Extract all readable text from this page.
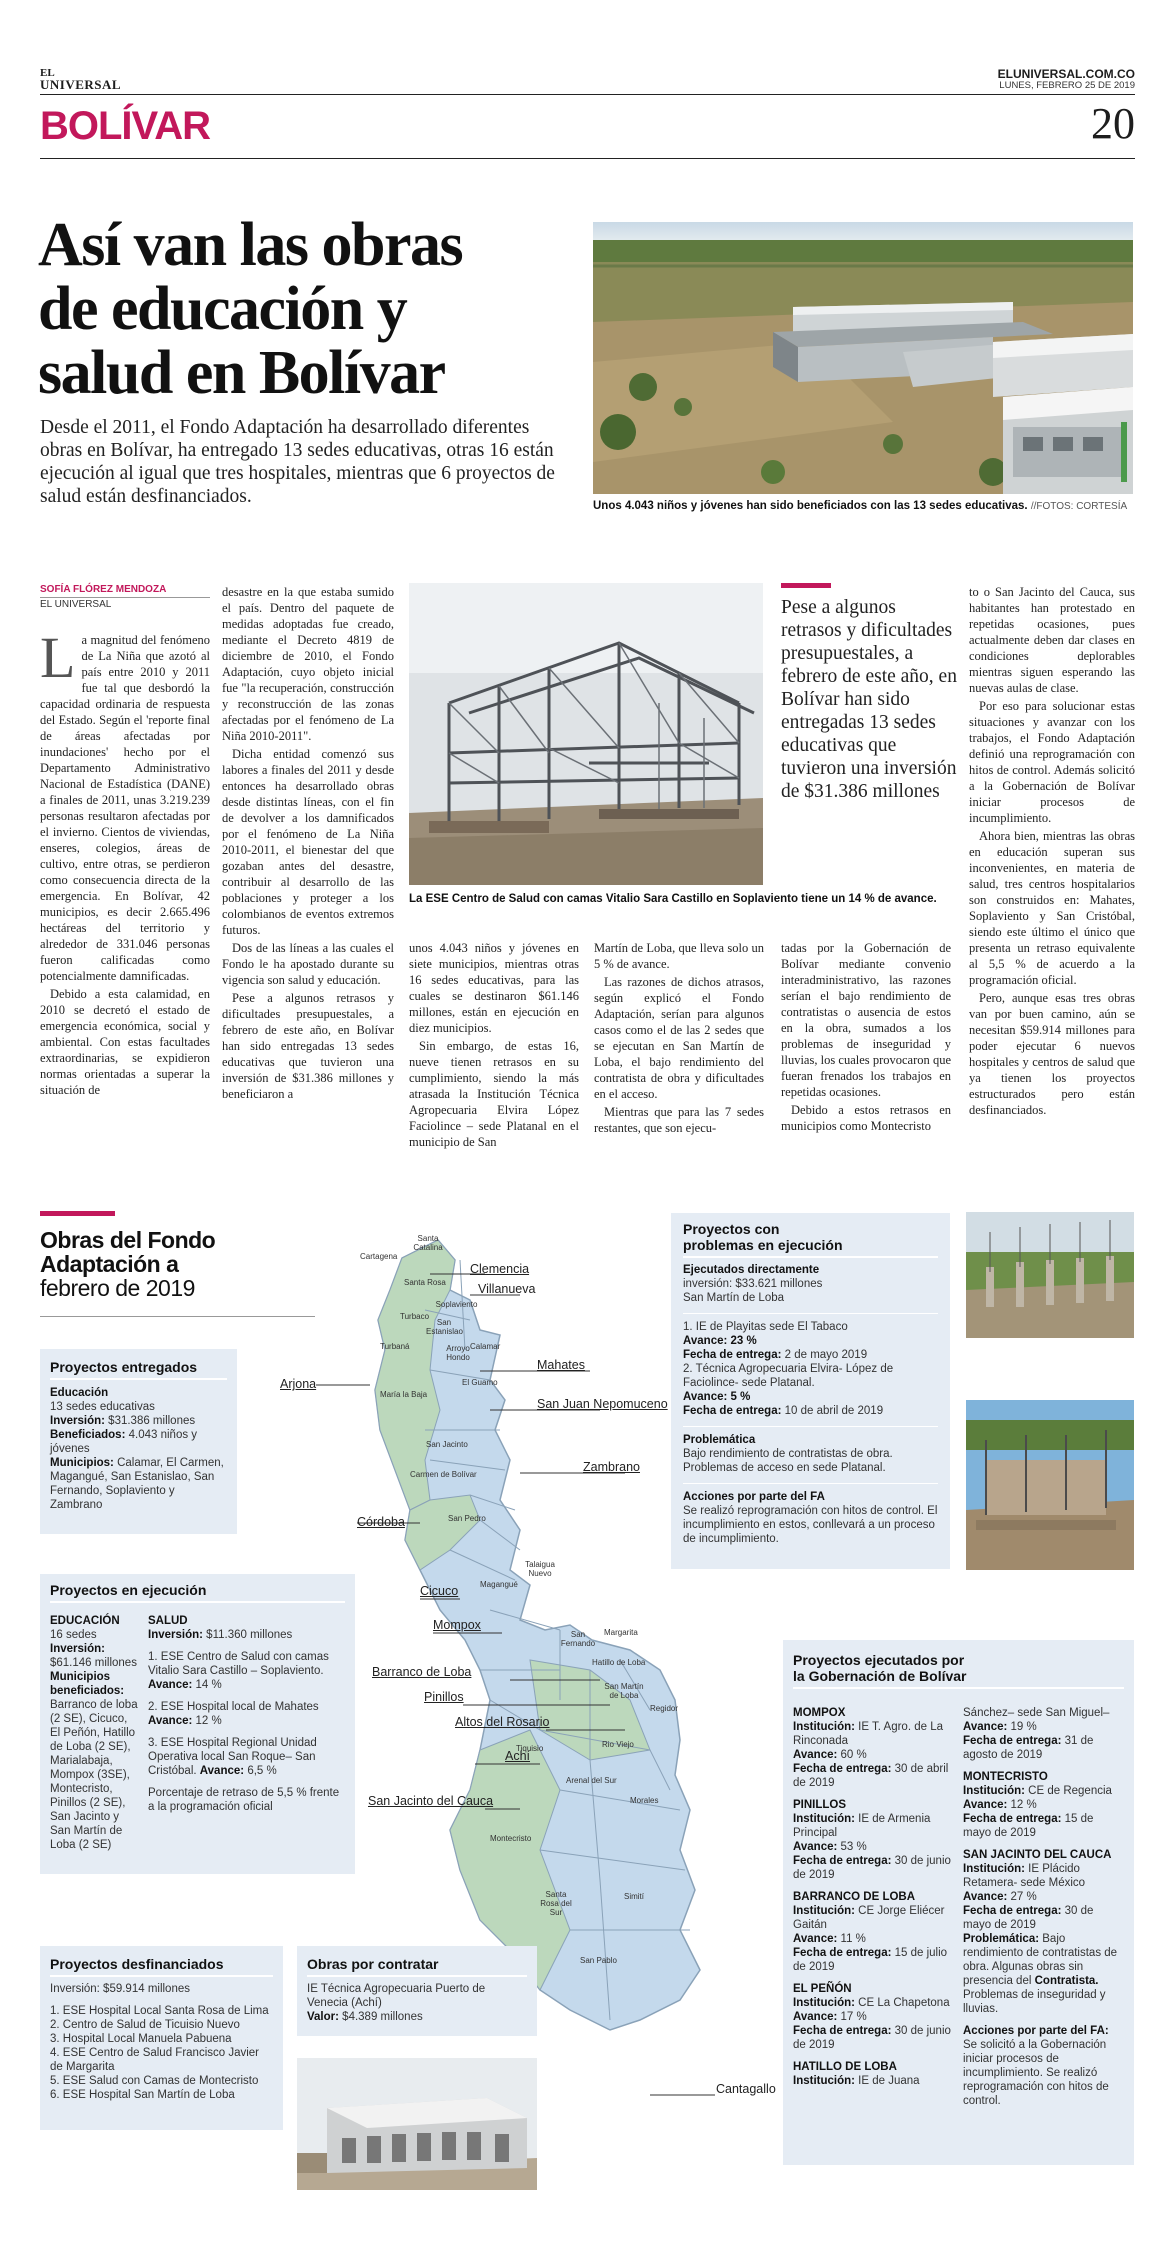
EL
UNIVERSAL
ELUNIVERSAL.COM.CO
LUNES, FEBRERO 25 DE 2019
BOLÍVAR	20
Así van las obras
de educación y
salud en Bolívar
Desde el 2011, el Fondo Adaptación ha desarrollado diferentes obras en Bolívar, ha entregado 13 sedes educativas, otras 16 están ejecución al igual que tres hospitales, mientras que 6 proyectos de salud están desfinanciados.	Unos 4.043 niños y jóvenes han sido beneficiados con las 13 sedes educativas. //FOTOS: CORTESÍA
SOFÍA FLÓREZ MENDOZA
EL UNIVERSAL

La magnitud del fenómeno de La Niña que azotó al país entre 2010 y 2011 fue tal que desbordó la capacidad ordinaria de respuesta del Estado. Según el 'reporte final de áreas afectadas por inundaciones' hecho por el Departamento Administrativo Nacional de Estadística (DANE) a finales de 2011, unas 3.219.239 personas resultaron afectadas por el invierno. Cientos de viviendas, enseres, colegios, áreas de cultivo, entre otras, se perdieron como consecuencia directa de la emergencia. En Bolívar, 42 municipios, es decir 2.665.496 hectáreas del territorio y alrededor de 331.046 personas fueron calificadas como potencialmente damnificadas.

Debido a esta calamidad, en 2010 se decretó el estado de emergencia económica, social y ambiental. Con estas facultades extraordinarias, se expidieron normas orientadas a superar la situación de

desastre en la que estaba sumido el país. Dentro del paquete de medidas adoptadas fue creado, mediante el Decreto 4819 de diciembre de 2010, el Fondo Adaptación, cuyo objeto inicial fue "la recuperación, construcción y reconstrucción de las zonas afectadas por el fenómeno de La Niña 2010-2011".

Dicha entidad comenzó sus labores a finales del 2011 y desde entonces ha desarrollado obras desde distintas líneas, con el fin de devolver a los damnificados por el fenómeno de La Niña 2010-2011, el bienestar del que gozaban antes del desastre, contribuir al desarrollo de las poblaciones y proteger a los colombianos de eventos extremos futuros.

Dos de las líneas a las cuales el Fondo le ha apostado durante su vigencia son salud y educación.

Pese a algunos retrasos y dificultades presupuestales, a febrero de este año, en Bolívar han sido entregadas 13 sedes educativas que tuvieron una inversión de $31.386 millones y beneficiaron a

La ESE Centro de Salud con camas Vitalio Sara Castillo en Soplaviento tiene un 14 % de avance.
Pese a algunos retrasos y dificultades presupuestales, a febrero de este año, en Bolívar han sido entregadas 13 sedes educativas que tuvieron una inversión de $31.386 millones

to o San Jacinto del Cauca, sus habitantes han protestado en repetidas ocasiones, pues actualmente deben dar clases en condiciones deplorables mientras siguen esperando las nuevas aulas de clase.

Por eso para solucionar estas situaciones y avanzar con los trabajos, el Fondo Adaptación definió una reprogramación con hitos de control. Además solicitó a la Gobernación de Bolívar iniciar procesos de incumplimiento.

Ahora bien, mientras las obras en educación superan sus inconvenientes, en materia de salud, tres centros hospitalarios son construidos en: Mahates, Soplaviento y San Cristóbal, siendo este último el único que presenta un retraso equivalente al 5,5 % de acuerdo a la programación oficial.

Pero, aunque esas tres obras van por buen camino, aún se necesitan $59.914 millones para poder ejecutar 6 nuevos hospitales y centros de salud que ya tienen los proyectos estructurados pero están desfinanciados.

unos 4.043 niños y jóvenes en siete municipios, mientras otras 16 sedes educativas, para las cuales se destinaron $61.146 millones, están en ejecución en diez municipios.

Sin embargo, de estas 16, nueve tienen retrasos en su cumplimiento, siendo la más atrasada la Institución Técnica Agropecuaria Elvira López Faciolince – sede Platanal en el municipio de San

Martín de Loba, que lleva solo un 5 % de avance.

Las razones de dichos atrasos, según explicó el Fondo Adaptación, serían para algunos casos como el de las 2 sedes que se ejecutan en San Martín de Loba, el bajo rendimiento del contratista de obra y dificultades en el acceso.

Mientras que para las 7 sedes restantes, que son ejecu-

tadas por la Gobernación de Bolívar mediante convenio interadministrativo, las razones serían el bajo rendimiento de contratistas o ausencia de estos en la obra, sumados a los problemas de inseguridad y lluvias, los cuales provocaron que fueran frenados los trabajos en repetidas ocasiones.

Debido a estos retrasos en municipios como Montecristo

Obras del Fondo
Adaptación a
febrero de 2019
Cartagena
Santa Catalina
Santa Rosa
Turbaco
San Estanislao
Soplaviento
Turbaná	Arroyo Hondo
Calamar
María la Baja
El Guamo
San Jacinto
Carmen de Bolívar
San Pedro
Magangué
Talaigua Nuevo
San Fernando
Margarita
Hatillo de Loba
San Martín de Loba
Regidor
Tiquisio	Rio Viejo
Arenal del Sur
Morales
Montecristo
Santa Rosa del Sur
Simití
San Pablo
Arjona
Córdoba
Cicuco
Mompox
Barranco de Loba
Pinillos
Altos del Rosario
Achí
San Jacinto del Cauca
Clemencia
Villanueva
Mahates
San Juan Nepomuceno
Zambrano
Cantagallo
Proyectos entregados
Educación
13 sedes educativas
Inversión: $31.386 millones
Beneficiados: 4.043 niños y jóvenes
Municipios: Calamar, El Carmen, Magangué, San Estanislao, San Fernando, Soplaviento y Zambrano
Proyectos en ejecución
EDUCACIÓN
16 sedes
Inversión: $61.146 millones
Municipios beneficiados: Barranco de loba (2 SE), Cicuco, El Peñón, Hatillo de Loba (2 SE), Marialabaja, Mompox (3SE), Montecristo, Pinillos (2 SE), San Jacinto y San Martín de Loba (2 SE)
SALUD
Inversión: $11.360 millones
1. ESE Centro de Salud con camas Vitalio Sara Castillo – Soplaviento. Avance: 14 %
2. ESE Hospital local de Mahates Avance: 12 %
3. ESE Hospital Regional Unidad Operativa local San Roque– San Cristóbal. Avance: 6,5 %
Porcentaje de retraso de 5,5 % frente a la programación oficial
Proyectos desfinanciados
Inversión: $59.914 millones
1. ESE Hospital Local Santa Rosa de Lima
2. Centro de Salud de Ticuisio Nuevo
3. Hospital Local Manuela Pabuena
4. ESE Centro de Salud Francisco Javier de Margarita
5. ESE Salud con Camas de Montecristo
6. ESE Hospital San Martín de Loba
Obras por contratar
IE Técnica Agropecuaria Puerto de Venecia (Achí)
Valor: $4.389 millones
Proyectos con
problemas en ejecución
Ejecutados directamente
inversión: $33.621 millones
San Martín de Loba
1. IE de Playitas sede El Tabaco
Avance: 23 %
Fecha de entrega: 2 de mayo 2019
2. Técnica Agropecuaria Elvira- López de Faciolince- sede Platanal.
Avance: 5 %
Fecha de entrega: 10 de abril de 2019
Problemática
Bajo rendimiento de contratistas de obra. Problemas de acceso en sede Platanal.
Acciones por parte del FA
Se realizó reprogramación con hitos de control. El incumplimiento en estos, conllevará a un proceso de incumplimiento.
Proyectos ejecutados por
la Gobernación de Bolívar
MOMPOX
Institución: IE T. Agro. de La Rinconada
Avance: 60 %
Fecha de entrega: 30 de abril de 2019
PINILLOS
Institución: IE de Armenia Principal
Avance: 53 %
Fecha de entrega: 30 de junio de 2019
BARRANCO DE LOBA
Institución: CE Jorge Eliécer Gaitán
Avance: 11 %
Fecha de entrega: 15 de julio de 2019
EL PEÑÓN
Institución: CE La Chapetona
Avance: 17 %
Fecha de entrega: 30 de junio de 2019
HATILLO DE LOBA
Institución: IE de Juana
Sánchez– sede San Miguel–
Avance: 19 %
Fecha de entrega: 31 de agosto de 2019
MONTECRISTO
Institución: CE de Regencia
Avance: 12 %
Fecha de entrega: 15 de mayo de 2019
SAN JACINTO DEL CAUCA
Institución: IE Plácido Retamera- sede México
Avance: 27 %
Fecha de entrega: 30 de mayo de 2019
Problemática: Bajo rendimiento de contratistas de obra. Algunas obras sin presencia del Contratista. Problemas de inseguridad y lluvias.
Acciones por parte del FA:
Se solicitó a la Gobernación iniciar procesos de incumplimiento. Se realizó reprogramación con hitos de control.
